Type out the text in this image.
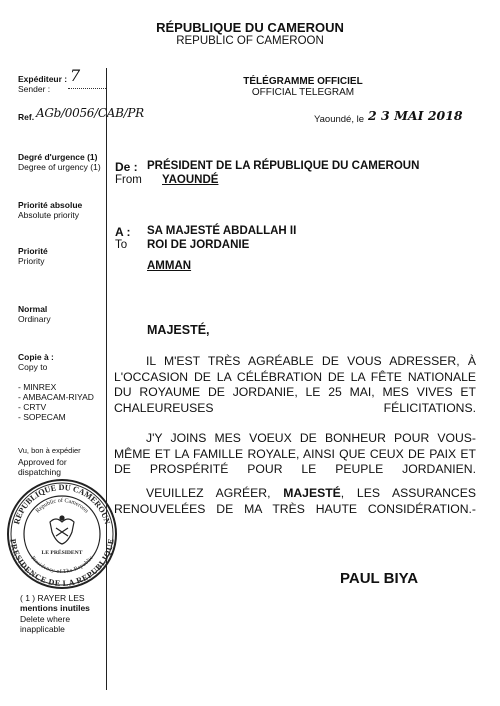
RÉPUBLIQUE DU CAMEROUN
REPUBLIC OF CAMEROON
Expéditeur :
Sender :
7
Ref. AGb/0056/CAB/PR
Degré d'urgence (1)
Degree of urgency (1)
Priorité absolue
Absolute priority
Priorité
Priority
Normal
Ordinary
Copie à :
Copy to
- MINREX
- AMBACAM-RIYAD
- CRTV
- SOPECAM
Vu, bon à expédier
Approved for
dispatching
REPUBLIQUE DU CAMEROUN
PRESIDENCE DE LA REPUBLIQUE
Republic of Cameroon
Presidency of The Republic
LE PRÉSIDENT
( 1 ) RAYER LES
mentions inutiles
Delete where
inapplicable
TÉLÉGRAMME OFFICIEL
OFFICIAL TELEGRAM
Yaoundé, le 2 3 MAI 2018
De :
From
PRÉSIDENT DE LA RÉPUBLIQUE DU CAMEROUN
YAOUNDÉ
A :
To
SA MAJESTÉ ABDALLAH II
ROI DE JORDANIE
AMMAN
MAJESTÉ,
IL M'EST TRÈS AGRÉABLE DE VOUS ADRESSER, À L'OCCASION DE LA CÉLÉBRATION DE LA FÊTE NATIONALE DU ROYAUME DE JORDANIE, LE 25 MAI, MES VIVES ET CHALEUREUSES FÉLICITATIONS.
J'Y JOINS MES VOEUX DE BONHEUR POUR VOUS-MÊME ET LA FAMILLE ROYALE, AINSI QUE CEUX DE PAIX ET DE PROSPÉRITÉ POUR LE PEUPLE JORDANIEN.
VEUILLEZ AGRÉER, MAJESTÉ, LES ASSURANCES RENOUVELÉES DE MA TRÈS HAUTE CONSIDÉRATION.-
PAUL BIYA
